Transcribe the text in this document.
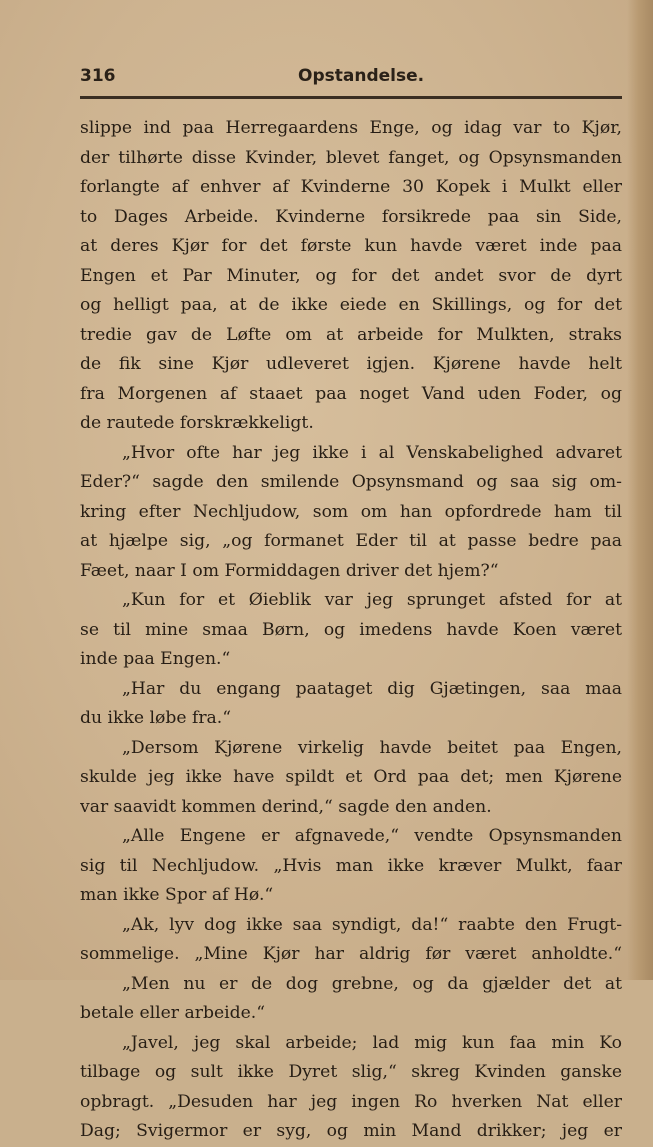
316	Opstandelse.
slippe ind paa Herregaardens Enge, og idag var to Kjør,
der tilhørte disse Kvinder, blevet fanget, og Opsynsmanden
forlangte af enhver af Kvinderne 30 Kopek i Mulkt eller
to Dages Arbeide. Kvinderne forsikrede paa sin Side,
at deres Kjør for det første kun havde været inde paa
Engen et Par Minuter, og for det andet svor de dyrt
og helligt paa, at de ikke eiede en Skillings, og for det
tredie gav de Løfte om at arbeide for Mulkten, straks
de fik sine Kjør udleveret igjen. Kjørene havde helt
fra Morgenen af staaet paa noget Vand uden Foder, og
de rautede forskrækkeligt.
„Hvor ofte har jeg ikke i al Venskabelighed advaret
Eder?“ sagde den smilende Opsynsmand og saa sig om-
kring efter Nechljudow, som om han opfordrede ham til
at hjælpe sig, „og formanet Eder til at passe bedre paa
Fæet, naar I om Formiddagen driver det hjem?“
„Kun for et Øieblik var jeg sprunget afsted for at
se til mine smaa Børn, og imedens havde Koen været
inde paa Engen.“
„Har du engang paataget dig Gjætingen, saa maa
du ikke løbe fra.“
„Dersom Kjørene virkelig havde beitet paa Engen,
skulde jeg ikke have spildt et Ord paa det; men Kjørene
var saavidt kommen derind,“ sagde den anden.
„Alle Engene er afgnavede,“ vendte Opsynsmanden
sig til Nechljudow. „Hvis man ikke kræver Mulkt, faar
man ikke Spor af Hø.“
„Ak, lyv dog ikke saa syndigt, da!“ raabte den Frugt-
sommelige. „Mine Kjør har aldrig før været anholdte.“
„Men nu er de dog grebne, og da gjælder det at
betale eller arbeide.“
„Javel, jeg skal arbeide; lad mig kun faa min Ko
tilbage og sult ikke Dyret slig,“ skreg Kvinden ganske
opbragt. „Desuden har jeg ingen Ro hverken Nat eller
Dag; Svigermor er syg, og min Mand drikker; jeg er
